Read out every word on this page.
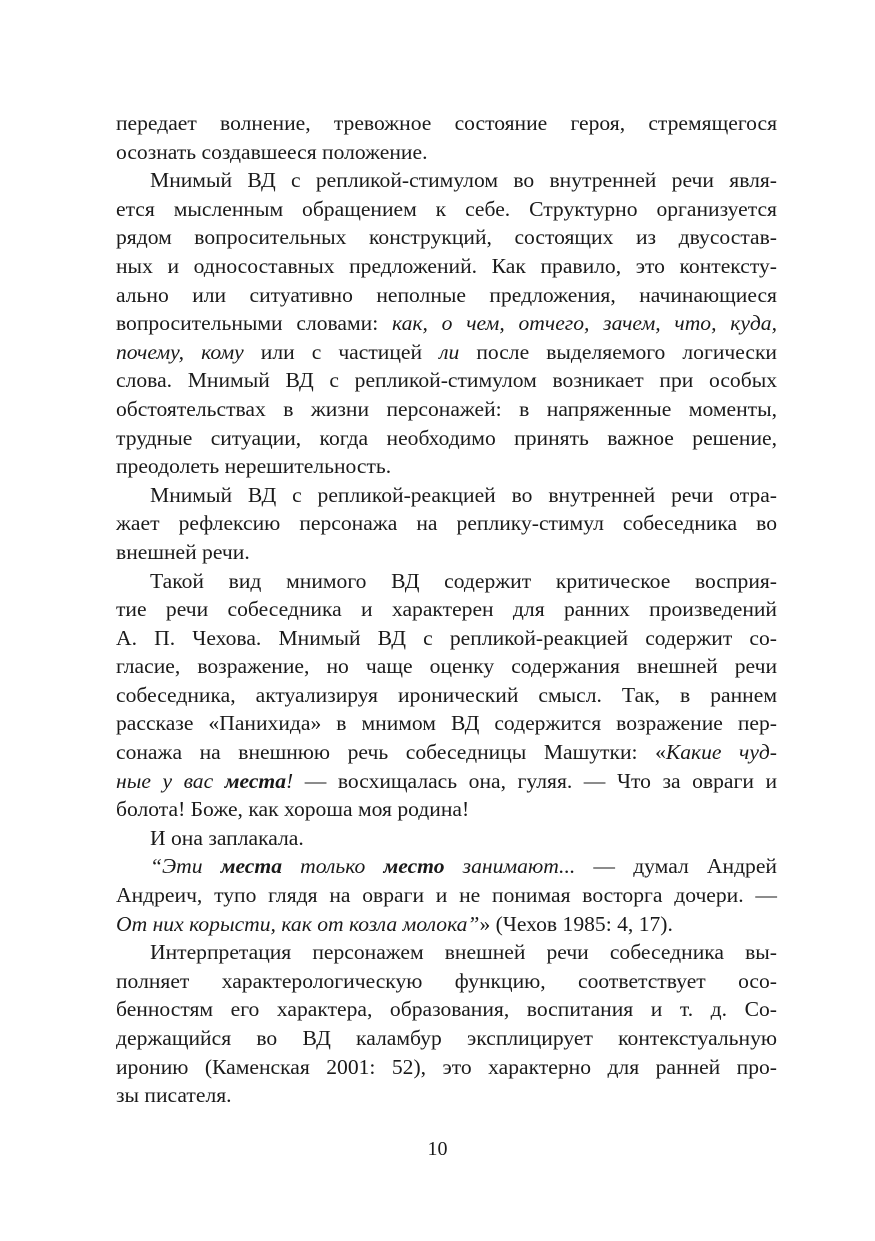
передает волнение, тревожное состояние героя, стремящегося
осознать создавшееся положение.
Мнимый ВД с репликой-стимулом во внутренней речи явля-
ется мысленным обращением к себе. Структурно организуется
рядом вопросительных конструкций, состоящих из двусостав-
ных и односоставных предложений. Как правило, это контексту-
ально или ситуативно неполные предложения, начинающиеся
вопросительными словами: как, о чем, отчего, зачем, что, куда,
почему, кому или с частицей ли после выделяемого логически
слова. Мнимый ВД с репликой-стимулом возникает при особых
обстоятельствах в жизни персонажей: в напряженные моменты,
трудные ситуации, когда необходимо принять важное решение,
преодолеть нерешительность.
Мнимый ВД с репликой-реакцией во внутренней речи отра-
жает рефлексию персонажа на реплику-стимул собеседника во
внешней речи.
Такой вид мнимого ВД содержит критическое восприя-
тие речи собеседника и характерен для ранних произведений
А. П. Чехова. Мнимый ВД с репликой-реакцией содержит со-
гласие, возражение, но чаще оценку содержания внешней речи
собеседника, актуализируя иронический смысл. Так, в раннем
рассказе «Панихида» в мнимом ВД содержится возражение пер-
сонажа на внешнюю речь собеседницы Машутки: «Какие чуд-
ные у вас места! — восхищалась она, гуляя. — Что за овраги и
болота! Боже, как хороша моя родина!
И она заплакала.
“Эти места только место занимают... — думал Андрей
Андреич, тупо глядя на овраги и не понимая восторга дочери. —
От них корысти, как от козла молока”» (Чехов 1985: 4, 17).
Интерпретация персонажем внешней речи собеседника вы-
полняет характерологическую функцию, соответствует осо-
бенностям его характера, образования, воспитания и т. д. Со-
держащийся во ВД каламбур эксплицирует контекстуальную
иронию (Каменская 2001: 52), это характерно для ранней про-
зы писателя.
10
